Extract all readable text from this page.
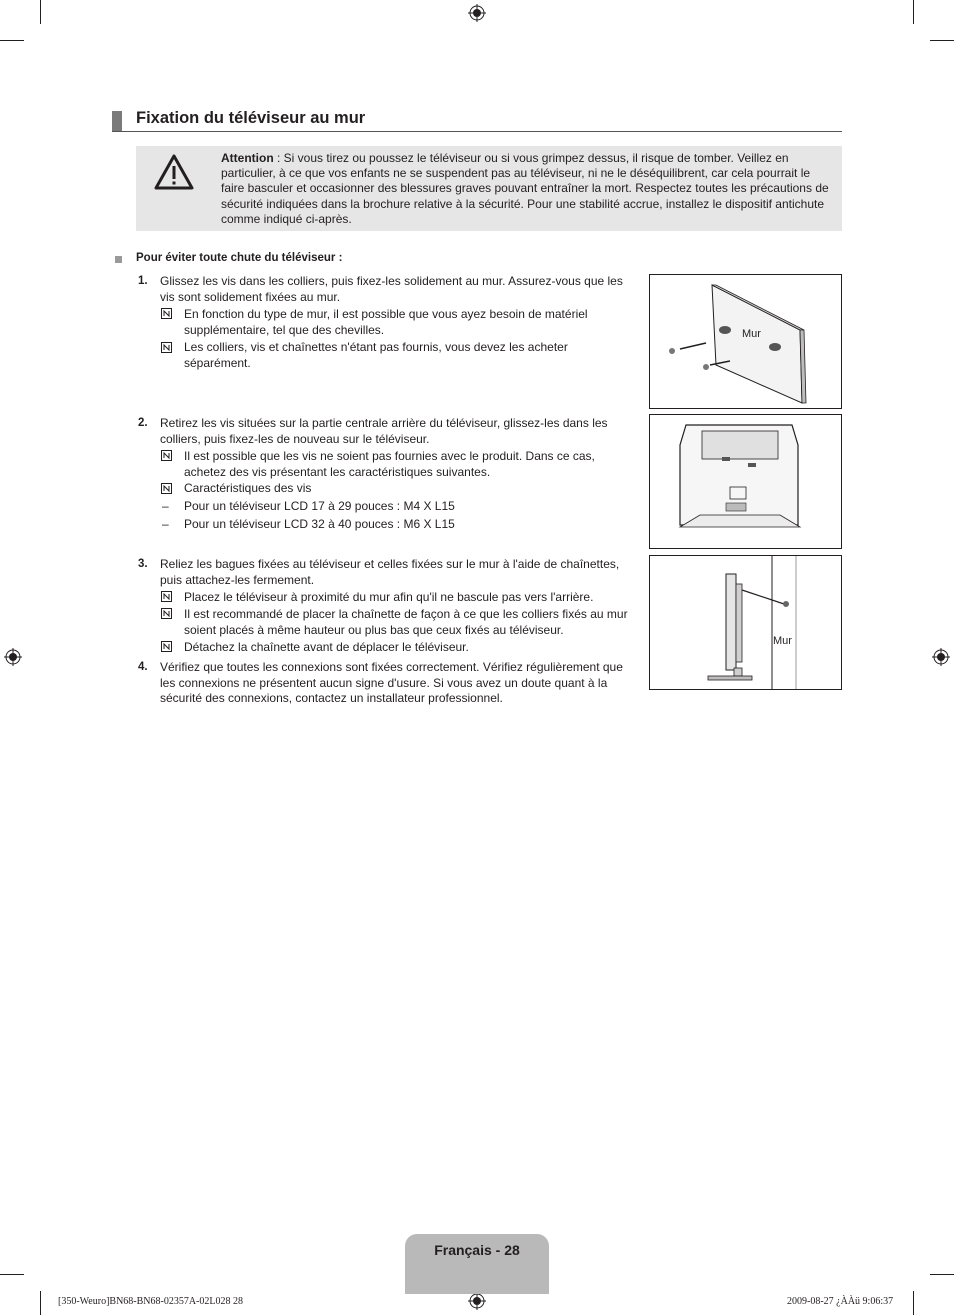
Fixation du téléviseur au mur
Attention : Si vous tirez ou poussez le téléviseur ou si vous grimpez dessus, il risque de tomber. Veillez en particulier, à ce que vos enfants ne se suspendent pas au téléviseur, ni ne le déséquilibrent, car cela pourrait le faire basculer et occasionner des blessures graves pouvant entraîner la mort. Respectez toutes les précautions de sécurité indiquées dans la brochure relative à la sécurité. Pour une stabilité accrue, installez le dispositif antichute comme indiqué ci-après.
Pour éviter toute chute du téléviseur :
1. Glissez les vis dans les colliers, puis fixez-les solidement au mur. Assurez-vous que les vis sont solidement fixées au mur.
En fonction du type de mur, il est possible que vous ayez besoin de matériel supplémentaire, tel que des chevilles.
Les colliers, vis et chaînettes n'étant pas fournis, vous devez les acheter séparément.
2. Retirez les vis situées sur la partie centrale arrière du téléviseur, glissez-les dans les colliers, puis fixez-les de nouveau sur le téléviseur.
Il est possible que les vis ne soient pas fournies avec le produit. Dans ce cas, achetez des vis présentant les caractéristiques suivantes.
Caractéristiques des vis
– Pour un téléviseur LCD 17 à 29 pouces : M4 X L15
– Pour un téléviseur LCD 32 à 40 pouces : M6 X L15
3. Reliez les bagues fixées au téléviseur et celles fixées sur le mur à l'aide de chaînettes, puis attachez-les fermement.
Placez le téléviseur à proximité du mur afin qu'il ne bascule pas vers l'arrière.
Il est recommandé de placer la chaînette de façon à ce que les colliers fixés au mur soient placés à même hauteur ou plus bas que ceux fixés au téléviseur.
Détachez la chaînette avant de déplacer le téléviseur.
4. Vérifiez que toutes les connexions sont fixées correctement. Vérifiez régulièrement que les connexions ne présentent aucun signe d'usure. Si vous avez un doute quant à la sécurité des connexions, contactez un installateur professionnel.
Mur
Mur
Français - 28
[350-Weuro]BN68-BN68-02357A-02L028 28	2009-08-27 ¿ÀÀü 9:06:37
